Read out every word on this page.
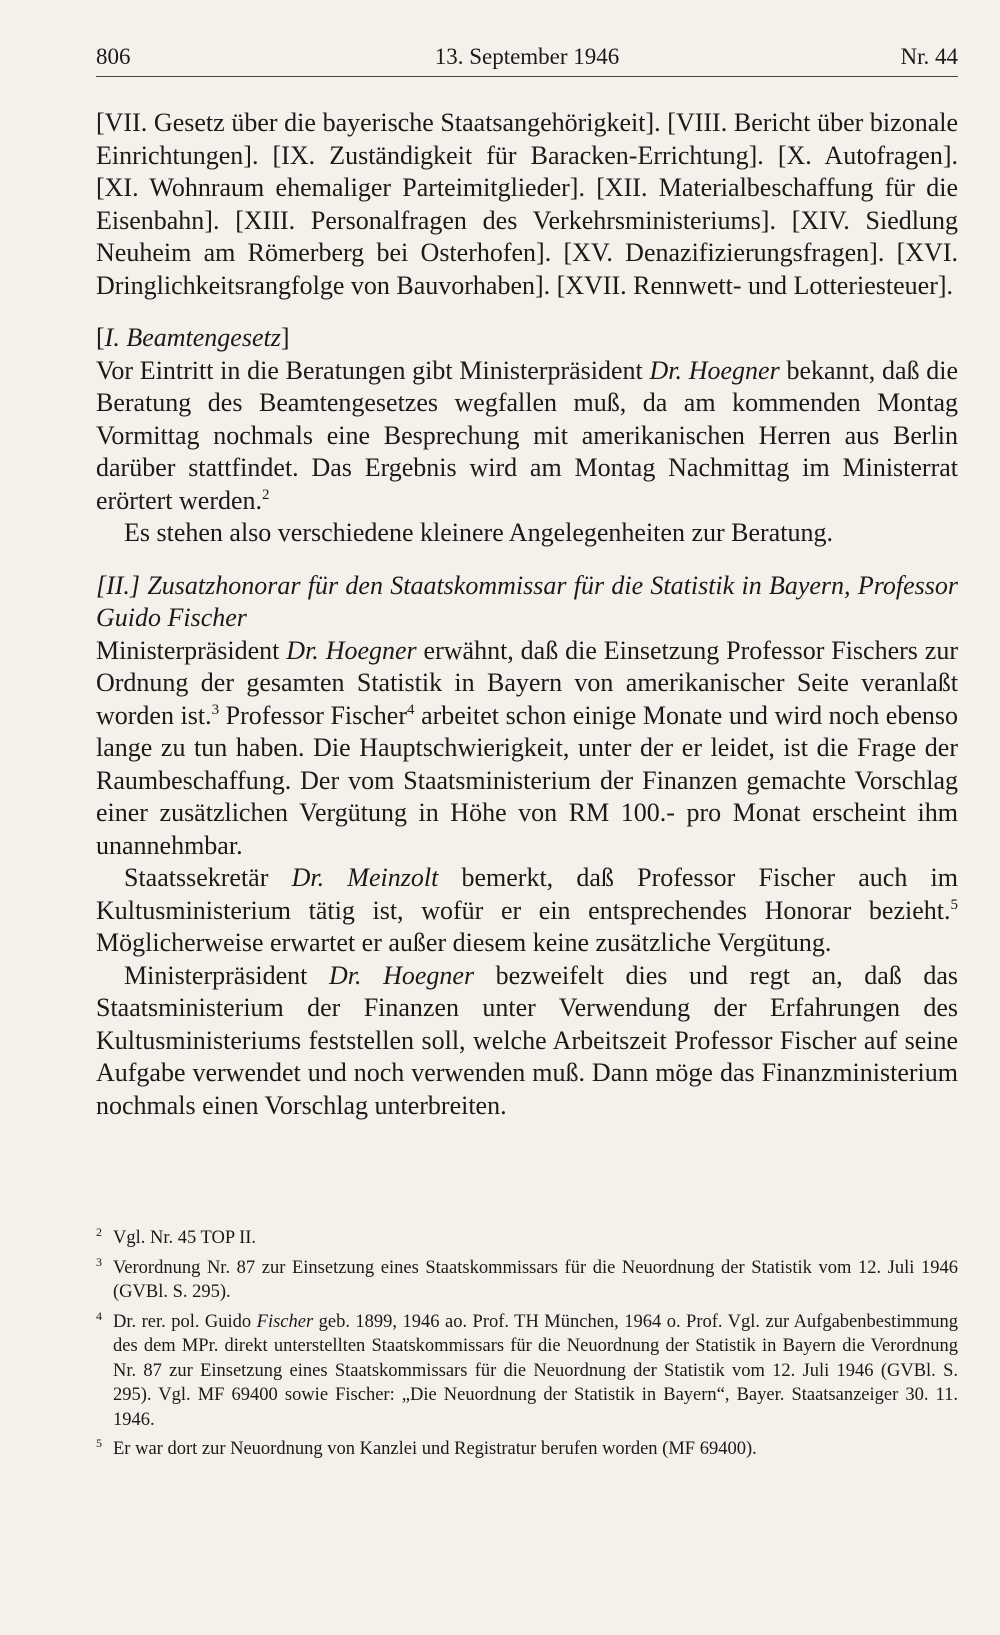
806	13. September 1946	Nr. 44

[VII. Gesetz über die bayerische Staatsangehörigkeit]. [VIII. Bericht über bizonale Einrichtungen]. [IX. Zuständigkeit für Baracken-Errichtung]. [X. Autofragen]. [XI. Wohnraum ehemaliger Parteimitglieder]. [XII. Materialbeschaffung für die Eisenbahn]. [XIII. Personalfragen des Verkehrsministeriums]. [XIV. Siedlung Neuheim am Römerberg bei Osterhofen]. [XV. Denazifizierungsfragen]. [XVI. Dringlichkeitsrangfolge von Bauvorhaben]. [XVII. Rennwett- und Lotteriesteuer].

[I. Beamtengesetz]

Vor Eintritt in die Beratungen gibt Ministerpräsident Dr. Hoegner bekannt, daß die Beratung des Beamtengesetzes wegfallen muß, da am kommenden Montag Vormittag nochmals eine Besprechung mit amerikanischen Herren aus Berlin darüber stattfindet. Das Ergebnis wird am Montag Nachmittag im Ministerrat erörtert werden.$^2$

Es stehen also verschiedene kleinere Angelegenheiten zur Beratung.

[II.] Zusatzhonorar für den Staatskommissar für die Statistik in Bayern, Professor Guido Fischer

Ministerpräsident Dr. Hoegner erwähnt, daß die Einsetzung Professor Fischers zur Ordnung der gesamten Statistik in Bayern von amerikanischer Seite veranlaßt worden ist.$^3$ Professor Fischer$^4$ arbeitet schon einige Monate und wird noch ebenso lange zu tun haben. Die Hauptschwierigkeit, unter der er leidet, ist die Frage der Raumbeschaffung. Der vom Staatsministerium der Finanzen gemachte Vorschlag einer zusätzlichen Vergütung in Höhe von RM 100.- pro Monat erscheint ihm unannehmbar.

Staatssekretär Dr. Meinzolt bemerkt, daß Professor Fischer auch im Kultusministerium tätig ist, wofür er ein entsprechendes Honorar bezieht.$^5$ Möglicherweise erwartet er außer diesem keine zusätzliche Vergütung.

Ministerpräsident Dr. Hoegner bezweifelt dies und regt an, daß das Staatsministerium der Finanzen unter Verwendung der Erfahrungen des Kultusministeriums feststellen soll, welche Arbeitszeit Professor Fischer auf seine Aufgabe verwendet und noch verwenden muß. Dann möge das Finanzministerium nochmals einen Vorschlag unterbreiten.

2 Vgl. Nr. 45 TOP II.

3 Verordnung Nr. 87 zur Einsetzung eines Staatskommissars für die Neuordnung der Statistik vom 12. Juli 1946 (GVBl. S. 295).

4 Dr. rer. pol. Guido Fischer geb. 1899, 1946 ao. Prof. TH München, 1964 o. Prof. Vgl. zur Aufgabenbestimmung des dem MPr. direkt unterstellten Staatskommissars für die Neuordnung der Statistik in Bayern die Verordnung Nr. 87 zur Einsetzung eines Staatskommissars für die Neuordnung der Statistik vom 12. Juli 1946 (GVBl. S. 295). Vgl. MF 69400 sowie Fischer: „Die Neuordnung der Statistik in Bayern“, Bayer. Staatsanzeiger 30. 11. 1946.

5 Er war dort zur Neuordnung von Kanzlei und Registratur berufen worden (MF 69400).
